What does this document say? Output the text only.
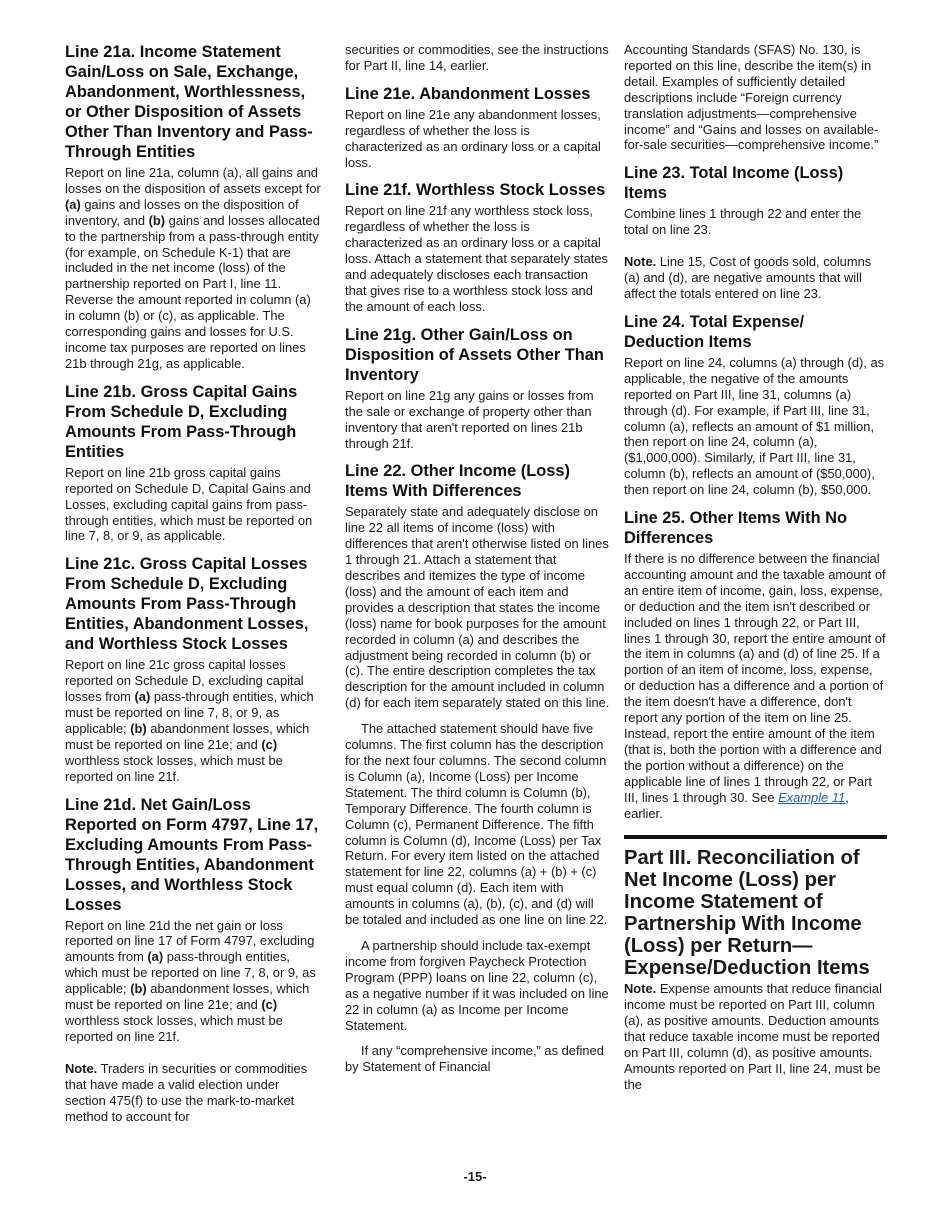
Line 21a. Income Statement Gain/Loss on Sale, Exchange, Abandonment, Worthlessness, or Other Disposition of Assets Other Than Inventory and Pass-Through Entities

Report on line 21a, column (a), all gains and losses on the disposition of assets except for (a) gains and losses on the disposition of inventory, and (b) gains and losses allocated to the partnership from a pass-through entity (for example, on Schedule K-1) that are included in the net income (loss) of the partnership reported on Part I, line 11. Reverse the amount reported in column (a) in column (b) or (c), as applicable. The corresponding gains and losses for U.S. income tax purposes are reported on lines 21b through 21g, as applicable.

Line 21b. Gross Capital Gains From Schedule D, Excluding Amounts From Pass-Through Entities

Report on line 21b gross capital gains reported on Schedule D, Capital Gains and Losses, excluding capital gains from pass-through entities, which must be reported on line 7, 8, or 9, as applicable.

Line 21c. Gross Capital Losses From Schedule D, Excluding Amounts From Pass-Through Entities, Abandonment Losses, and Worthless Stock Losses

Report on line 21c gross capital losses reported on Schedule D, excluding capital losses from (a) pass-through entities, which must be reported on line 7, 8, or 9, as applicable; (b) abandonment losses, which must be reported on line 21e; and (c) worthless stock losses, which must be reported on line 21f.

Line 21d. Net Gain/Loss Reported on Form 4797, Line 17, Excluding Amounts From Pass-Through Entities, Abandonment Losses, and Worthless Stock Losses

Report on line 21d the net gain or loss reported on line 17 of Form 4797, excluding amounts from (a) pass-through entities, which must be reported on line 7, 8, or 9, as applicable; (b) abandonment losses, which must be reported on line 21e; and (c) worthless stock losses, which must be reported on line 21f.

Note. Traders in securities or commodities that have made a valid election under section 475(f) to use the mark-to-market method to account for

securities or commodities, see the instructions for Part II, line 14, earlier.

Line 21e. Abandonment Losses

Report on line 21e any abandonment losses, regardless of whether the loss is characterized as an ordinary loss or a capital loss.

Line 21f. Worthless Stock Losses

Report on line 21f any worthless stock loss, regardless of whether the loss is characterized as an ordinary loss or a capital loss. Attach a statement that separately states and adequately discloses each transaction that gives rise to a worthless stock loss and the amount of each loss.

Line 21g. Other Gain/Loss on Disposition of Assets Other Than Inventory

Report on line 21g any gains or losses from the sale or exchange of property other than inventory that aren't reported on lines 21b through 21f.

Line 22. Other Income (Loss) Items With Differences

Separately state and adequately disclose on line 22 all items of income (loss) with differences that aren't otherwise listed on lines 1 through 21. Attach a statement that describes and itemizes the type of income (loss) and the amount of each item and provides a description that states the income (loss) name for book purposes for the amount recorded in column (a) and describes the adjustment being recorded in column (b) or (c). The entire description completes the tax description for the amount included in column (d) for each item separately stated on this line.

The attached statement should have five columns. The first column has the description for the next four columns. The second column is Column (a), Income (Loss) per Income Statement. The third column is Column (b), Temporary Difference. The fourth column is Column (c), Permanent Difference. The fifth column is Column (d), Income (Loss) per Tax Return. For every item listed on the attached statement for line 22, columns (a) + (b) + (c) must equal column (d). Each item with amounts in columns (a), (b), (c), and (d) will be totaled and included as one line on line 22.

A partnership should include tax-exempt income from forgiven Paycheck Protection Program (PPP) loans on line 22, column (c), as a negative number if it was included on line 22 in column (a) as Income per Income Statement.

If any “comprehensive income,” as defined by Statement of Financial

Accounting Standards (SFAS) No. 130, is reported on this line, describe the item(s) in detail. Examples of sufficiently detailed descriptions include “Foreign currency translation adjustments—comprehensive income” and “Gains and losses on available-for-sale securities—comprehensive income.”

Line 23. Total Income (Loss) Items

Combine lines 1 through 22 and enter the total on line 23.

Note. Line 15, Cost of goods sold, columns (a) and (d), are negative amounts that will affect the totals entered on line 23.

Line 24. Total Expense/ Deduction Items

Report on line 24, columns (a) through (d), as applicable, the negative of the amounts reported on Part III, line 31, columns (a) through (d). For example, if Part III, line 31, column (a), reflects an amount of $1 million, then report on line 24, column (a), ($1,000,000). Similarly, if Part III, line 31, column (b), reflects an amount of ($50,000), then report on line 24, column (b), $50,000.

Line 25. Other Items With No Differences

If there is no difference between the financial accounting amount and the taxable amount of an entire item of income, gain, loss, expense, or deduction and the item isn't described or included on lines 1 through 22, or Part III, lines 1 through 30, report the entire amount of the item in columns (a) and (d) of line 25. If a portion of an item of income, loss, expense, or deduction has a difference and a portion of the item doesn't have a difference, don't report any portion of the item on line 25. Instead, report the entire amount of the item (that is, both the portion with a difference and the portion without a difference) on the applicable line of lines 1 through 22, or Part III, lines 1 through 30. See Example 11, earlier.

Part III. Reconciliation of Net Income (Loss) per Income Statement of Partnership With Income (Loss) per Return—Expense/Deduction Items

Note. Expense amounts that reduce financial income must be reported on Part III, column (a), as positive amounts. Deduction amounts that reduce taxable income must be reported on Part III, column (d), as positive amounts. Amounts reported on Part II, line 24, must be the

-15-
